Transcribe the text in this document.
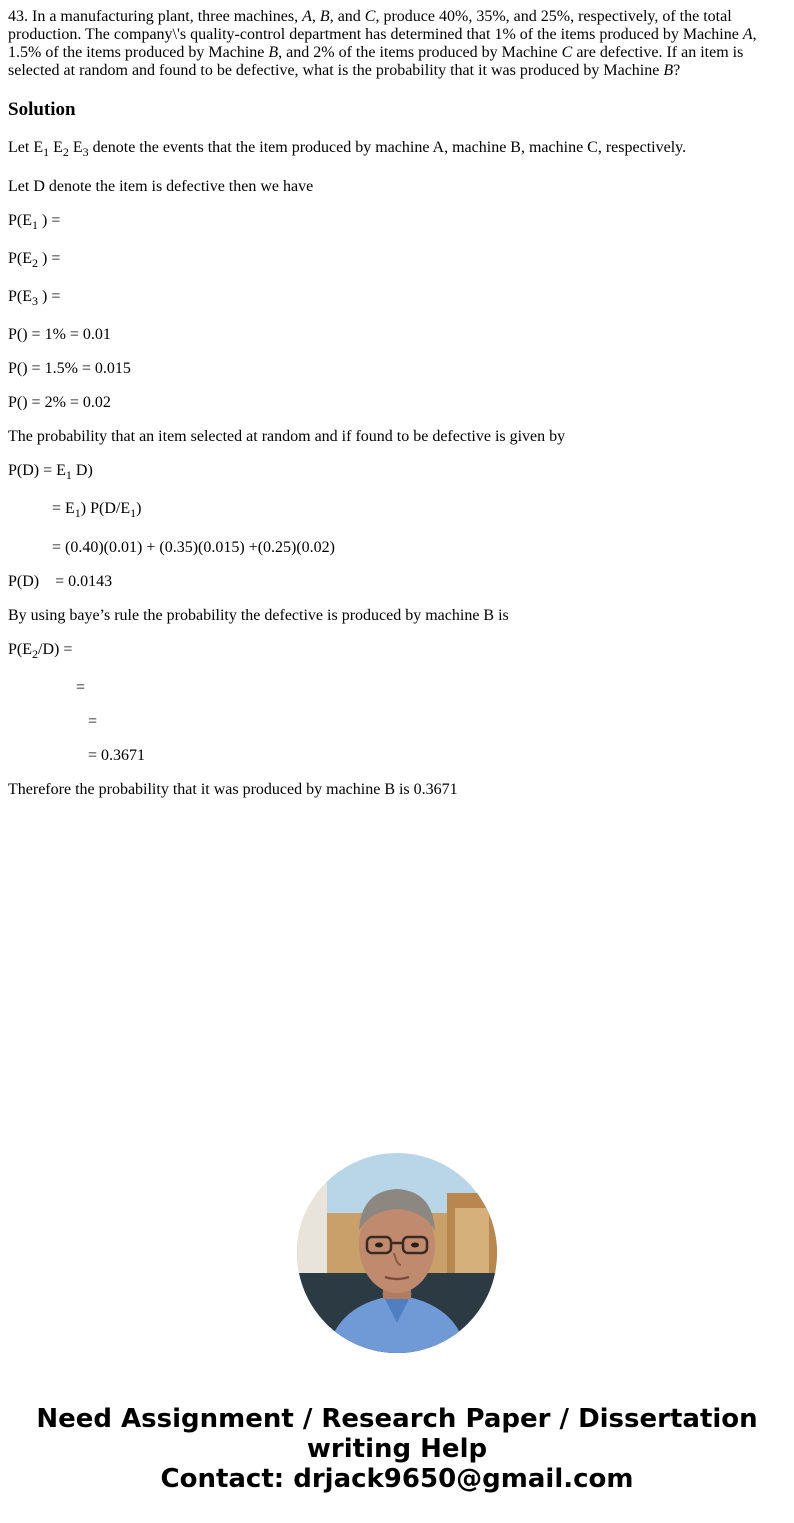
43. In a manufacturing plant, three machines, A, B, and C, produce 40%, 35%, and 25%, respectively, of the total production. The company\'s quality-control department has determined that 1% of the items produced by Machine A, 1.5% of the items produced by Machine B, and 2% of the items produced by Machine C are defective. If an item is selected at random and found to be defective, what is the probability that it was produced by Machine B?

Solution

Let $E_1$ $E_2$ $E_3$ denote the events that the item produced by machine A, machine B, machine C, respectively.

Let D denote the item is defective then we have

$P(E_1$ ) =

$P(E_2$ ) =

$P(E_3$ ) =

P() = 1% = 0.01

P() = 1.5% = 0.015

P() = 2% = 0.02

The probability that an item selected at random and if found to be defective is given by

$P(D) = E_1$ D)

= $E_1$) $P(D/E_1)$

= (0.40)(0.01) + (0.35)(0.015) +(0.25)(0.02)

P(D)    = 0.0143

By using baye’s rule the probability the defective is produced by machine B is

$P(E_2/D)$ =

=

=

= 0.3671

Therefore the probability that it was produced by machine B is 0.3671

Need Assignment / Research Paper / Dissertation
writing Help
Contact: drjack9650@gmail.com
